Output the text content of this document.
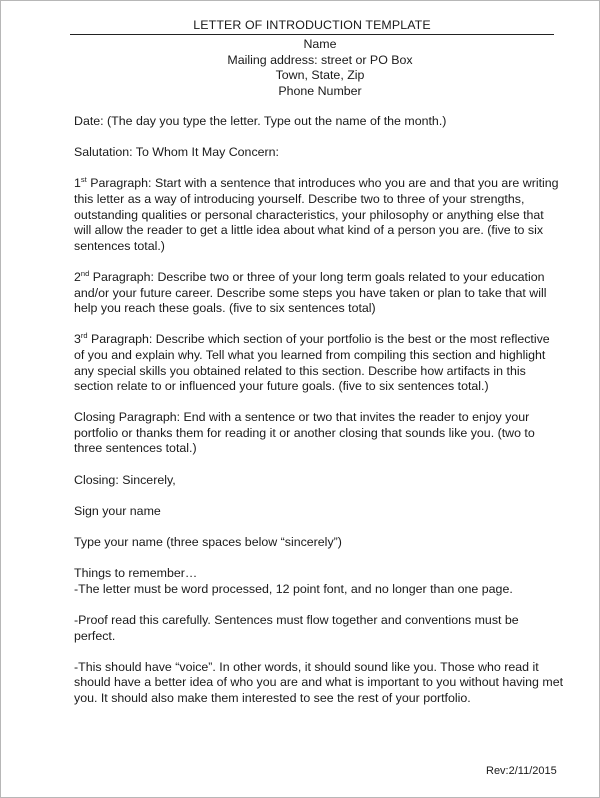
LETTER OF INTRODUCTION TEMPLATE
Name
Mailing address: street or PO Box
Town, State, Zip
Phone Number
Date: (The day you type the letter. Type out the name of the month.)
Salutation: To Whom It May Concern:
1st Paragraph: Start with a sentence that introduces who you are and that you are writing
this letter as a way of introducing yourself. Describe two to three of your strengths,
outstanding qualities or personal characteristics, your philosophy or anything else that
will allow the reader to get a little idea about what kind of a person you are. (five to six
sentences total.)
2nd Paragraph: Describe two or three of your long term goals related to your education
and/or your future career. Describe some steps you have taken or plan to take that will
help you reach these goals. (five to six sentences total)
3rd Paragraph: Describe which section of your portfolio is the best or the most reflective
of you and explain why. Tell what you learned from compiling this section and highlight
any special skills you obtained related to this section. Describe how artifacts in this
section relate to or influenced your future goals. (five to six sentences total.)
Closing Paragraph: End with a sentence or two that invites the reader to enjoy your
portfolio or thanks them for reading it or another closing that sounds like you. (two to
three sentences total.)
Closing: Sincerely,
Sign your name
Type your name (three spaces below “sincerely”)
Things to remember…
-The letter must be word processed, 12 point font, and no longer than one page.
-Proof read this carefully. Sentences must flow together and conventions must be
perfect.
-This should have “voice”. In other words, it should sound like you. Those who read it
should have a better idea of who you are and what is important to you without having met
you. It should also make them interested to see the rest of your portfolio.
Rev:2/11/2015
